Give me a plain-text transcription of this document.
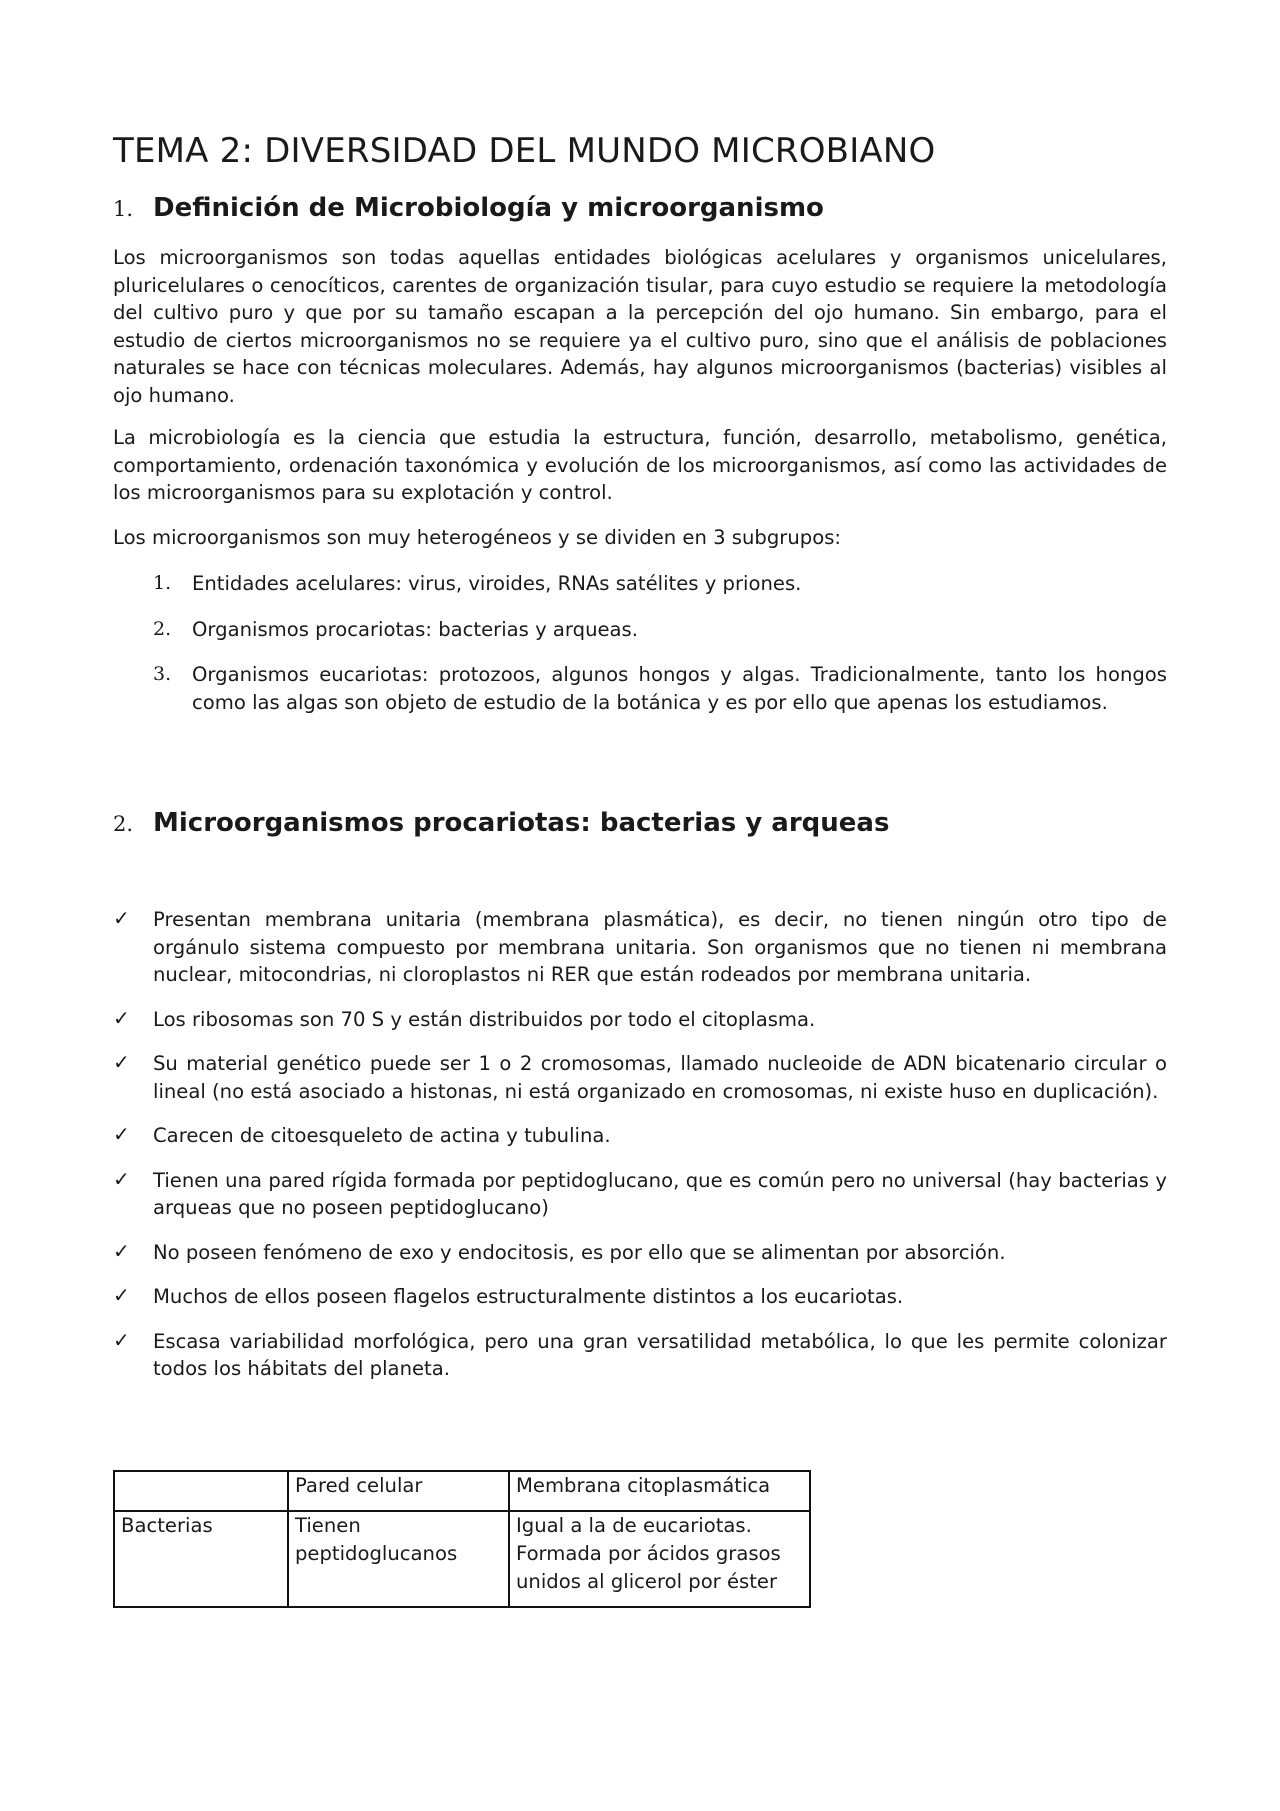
TEMA 2: DIVERSIDAD DEL MUNDO MICROBIANO
1. Definición de Microbiología y microorganismo

Los microorganismos son todas aquellas entidades biológicas acelulares y organismos unicelulares, pluricelulares o cenocíticos, carentes de organización tisular, para cuyo estudio se requiere la metodología del cultivo puro y que por su tamaño escapan a la percepción del ojo humano. Sin embargo, para el estudio de ciertos microorganismos no se requiere ya el cultivo puro, sino que el análisis de poblaciones naturales se hace con técnicas moleculares. Además, hay algunos microorganismos (bacterias) visibles al ojo humano.

La microbiología es la ciencia que estudia la estructura, función, desarrollo, metabolismo, genética, comportamiento, ordenación taxonómica y evolución de los microorganismos, así como las actividades de los microorganismos para su explotación y control.

Los microorganismos son muy heterogéneos y se dividen en 3 subgrupos:

1. Entidades acelulares: virus, viroides, RNAs satélites y priones.
2. Organismos procariotas: bacterias y arqueas.
3. Organismos eucariotas: protozoos, algunos hongos y algas. Tradicionalmente, tanto los hongos como las algas son objeto de estudio de la botánica y es por ello que apenas los estudiamos.
2. Microorganismos procariotas: bacterias y arqueas
✓ Presentan membrana unitaria (membrana plasmática), es decir, no tienen ningún otro tipo de orgánulo sistema compuesto por membrana unitaria. Son organismos que no tienen ni membrana nuclear, mitocondrias, ni cloroplastos ni RER que están rodeados por membrana unitaria.
✓ Los ribosomas son 70 S y están distribuidos por todo el citoplasma.
✓ Su material genético puede ser 1 o 2 cromosomas, llamado nucleoide de ADN bicatenario circular o lineal (no está asociado a histonas, ni está organizado en cromosomas, ni existe huso en duplicación).
✓ Carecen de citoesqueleto de actina y tubulina.
✓ Tienen una pared rígida formada por peptidoglucano, que es común pero no universal (hay bacterias y arqueas que no poseen peptidoglucano)
✓ No poseen fenómeno de exo y endocitosis, es por ello que se alimentan por absorción.
✓ Muchos de ellos poseen flagelos estructuralmente distintos a los eucariotas.
✓ Escasa variabilidad morfológica, pero una gran versatilidad metabólica, lo que les permite colonizar todos los hábitats del planeta.
	Pared celular	Membrana citoplasmática
Bacterias	Tienen peptidoglucanos	Igual a la de eucariotas. Formada por ácidos grasos unidos al glicerol por éster
